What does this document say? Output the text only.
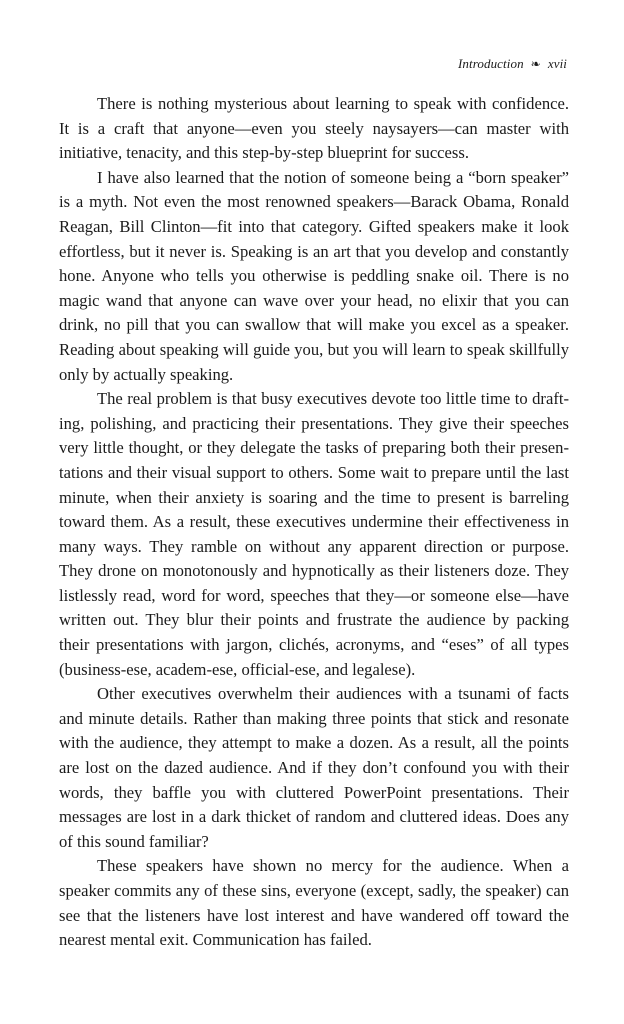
Introduction ❧ xvii

There is nothing mysterious about learning to speak with confidence. It is a craft that anyone—even you steely naysayers—can master with initiative, tenacity, and this step-by-step blueprint for success.

I have also learned that the notion of someone being a “born speaker” is a myth. Not even the most renowned speakers—Barack Obama, Ronald Reagan, Bill Clinton—fit into that category. Gifted speakers make it look effortless, but it never is. Speaking is an art that you develop and constantly hone. Anyone who tells you otherwise is peddling snake oil. There is no magic wand that anyone can wave over your head, no elixir that you can drink, no pill that you can swallow that will make you excel as a speaker. Reading about speaking will guide you, but you will learn to speak skillfully only by actually speaking.

The real problem is that busy executives devote too little time to drafting, polishing, and practicing their presentations. They give their speeches very little thought, or they delegate the tasks of preparing both their presentations and their visual support to others. Some wait to prepare until the last minute, when their anxiety is soaring and the time to present is barreling toward them. As a result, these executives undermine their effectiveness in many ways. They ramble on without any apparent direction or purpose. They drone on monotonously and hypnotically as their listeners doze. They listlessly read, word for word, speeches that they—or someone else—have written out. They blur their points and frustrate the audience by packing their presentations with jargon, clichés, acronyms, and “eses” of all types (business-ese, academ-ese, official-ese, and legalese).

Other executives overwhelm their audiences with a tsunami of facts and minute details. Rather than making three points that stick and resonate with the audience, they attempt to make a dozen. As a result, all the points are lost on the dazed audience. And if they don’t confound you with their words, they baffle you with cluttered PowerPoint presentations. Their messages are lost in a dark thicket of random and cluttered ideas. Does any of this sound familiar?

These speakers have shown no mercy for the audience. When a speaker commits any of these sins, everyone (except, sadly, the speaker) can see that the listeners have lost interest and have wandered off toward the nearest mental exit. Communication has failed.
